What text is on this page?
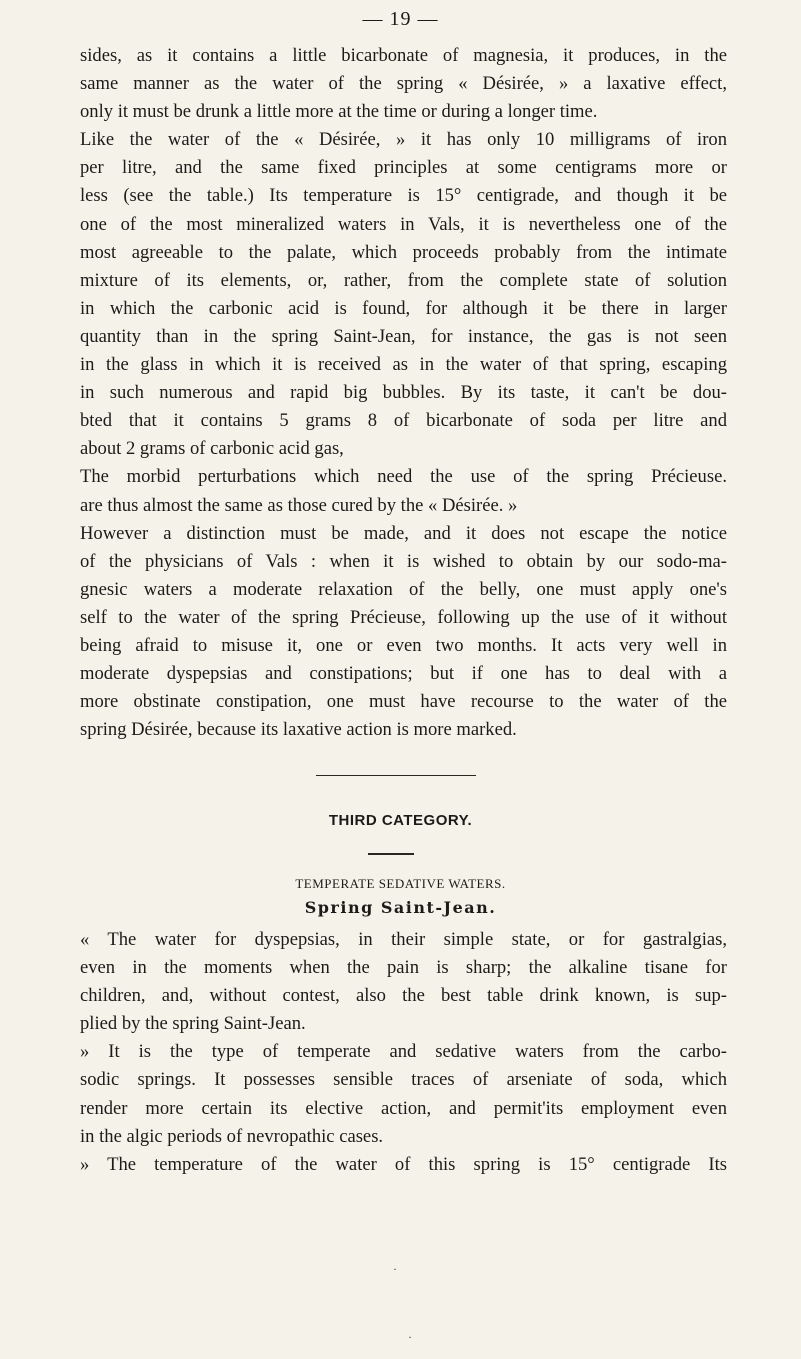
— 19 —

sides, as it contains a little bicarbonate of magnesia, it produces, in the
same manner as the water of the spring « Désirée, » a laxative effect,
only it must be drunk a little more at the time or during a longer time.

Like the water of the « Désirée, » it has only 10 milligrams of iron
per litre, and the same fixed principles at some centigrams more or
less (see the table.) Its temperature is 15° centigrade, and though it be
one of the most mineralized waters in Vals, it is nevertheless one of the
most agreeable to the palate, which proceeds probably from the intimate
mixture of its elements, or, rather, from the complete state of solution
in which the carbonic acid is found, for although it be there in larger
quantity than in the spring Saint-Jean, for instance, the gas is not seen
in the glass in which it is received as in the water of that spring, escaping
in such numerous and rapid big bubbles. By its taste, it can't be dou-
bted that it contains 5 grams 8 of bicarbonate of soda per litre and
about 2 grams of carbonic acid gas,

The morbid perturbations which need the use of the spring Précieuse.
are thus almost the same as those cured by the « Désirée. »

However a distinction must be made, and it does not escape the notice
of the physicians of Vals : when it is wished to obtain by our sodo-ma-
gnesic waters a moderate relaxation of the belly, one must apply one's
self to the water of the spring Précieuse, following up the use of it without
being afraid to misuse it, one or even two months. It acts very well in
moderate dyspepsias and constipations; but if one has to deal with a
more obstinate constipation, one must have recourse to the water of the
spring Désirée, because its laxative action is more marked.

THIRD CATEGORY.
TEMPERATE SEDATIVE WATERS.
Spring Saint-Jean.

« The water for dyspepsias, in their simple state, or for gastralgias,
even in the moments when the pain is sharp; the alkaline tisane for
children, and, without contest, also the best table drink known, is sup-
plied by the spring Saint-Jean.

» It is the type of temperate and sedative waters from the carbo-
sodic springs. It possesses sensible traces of arseniate of soda, which
render more certain its elective action, and permit'its employment even
in the algic periods of nevropathic cases.

» The temperature of the water of this spring is 15° centigrade Its

·
·
